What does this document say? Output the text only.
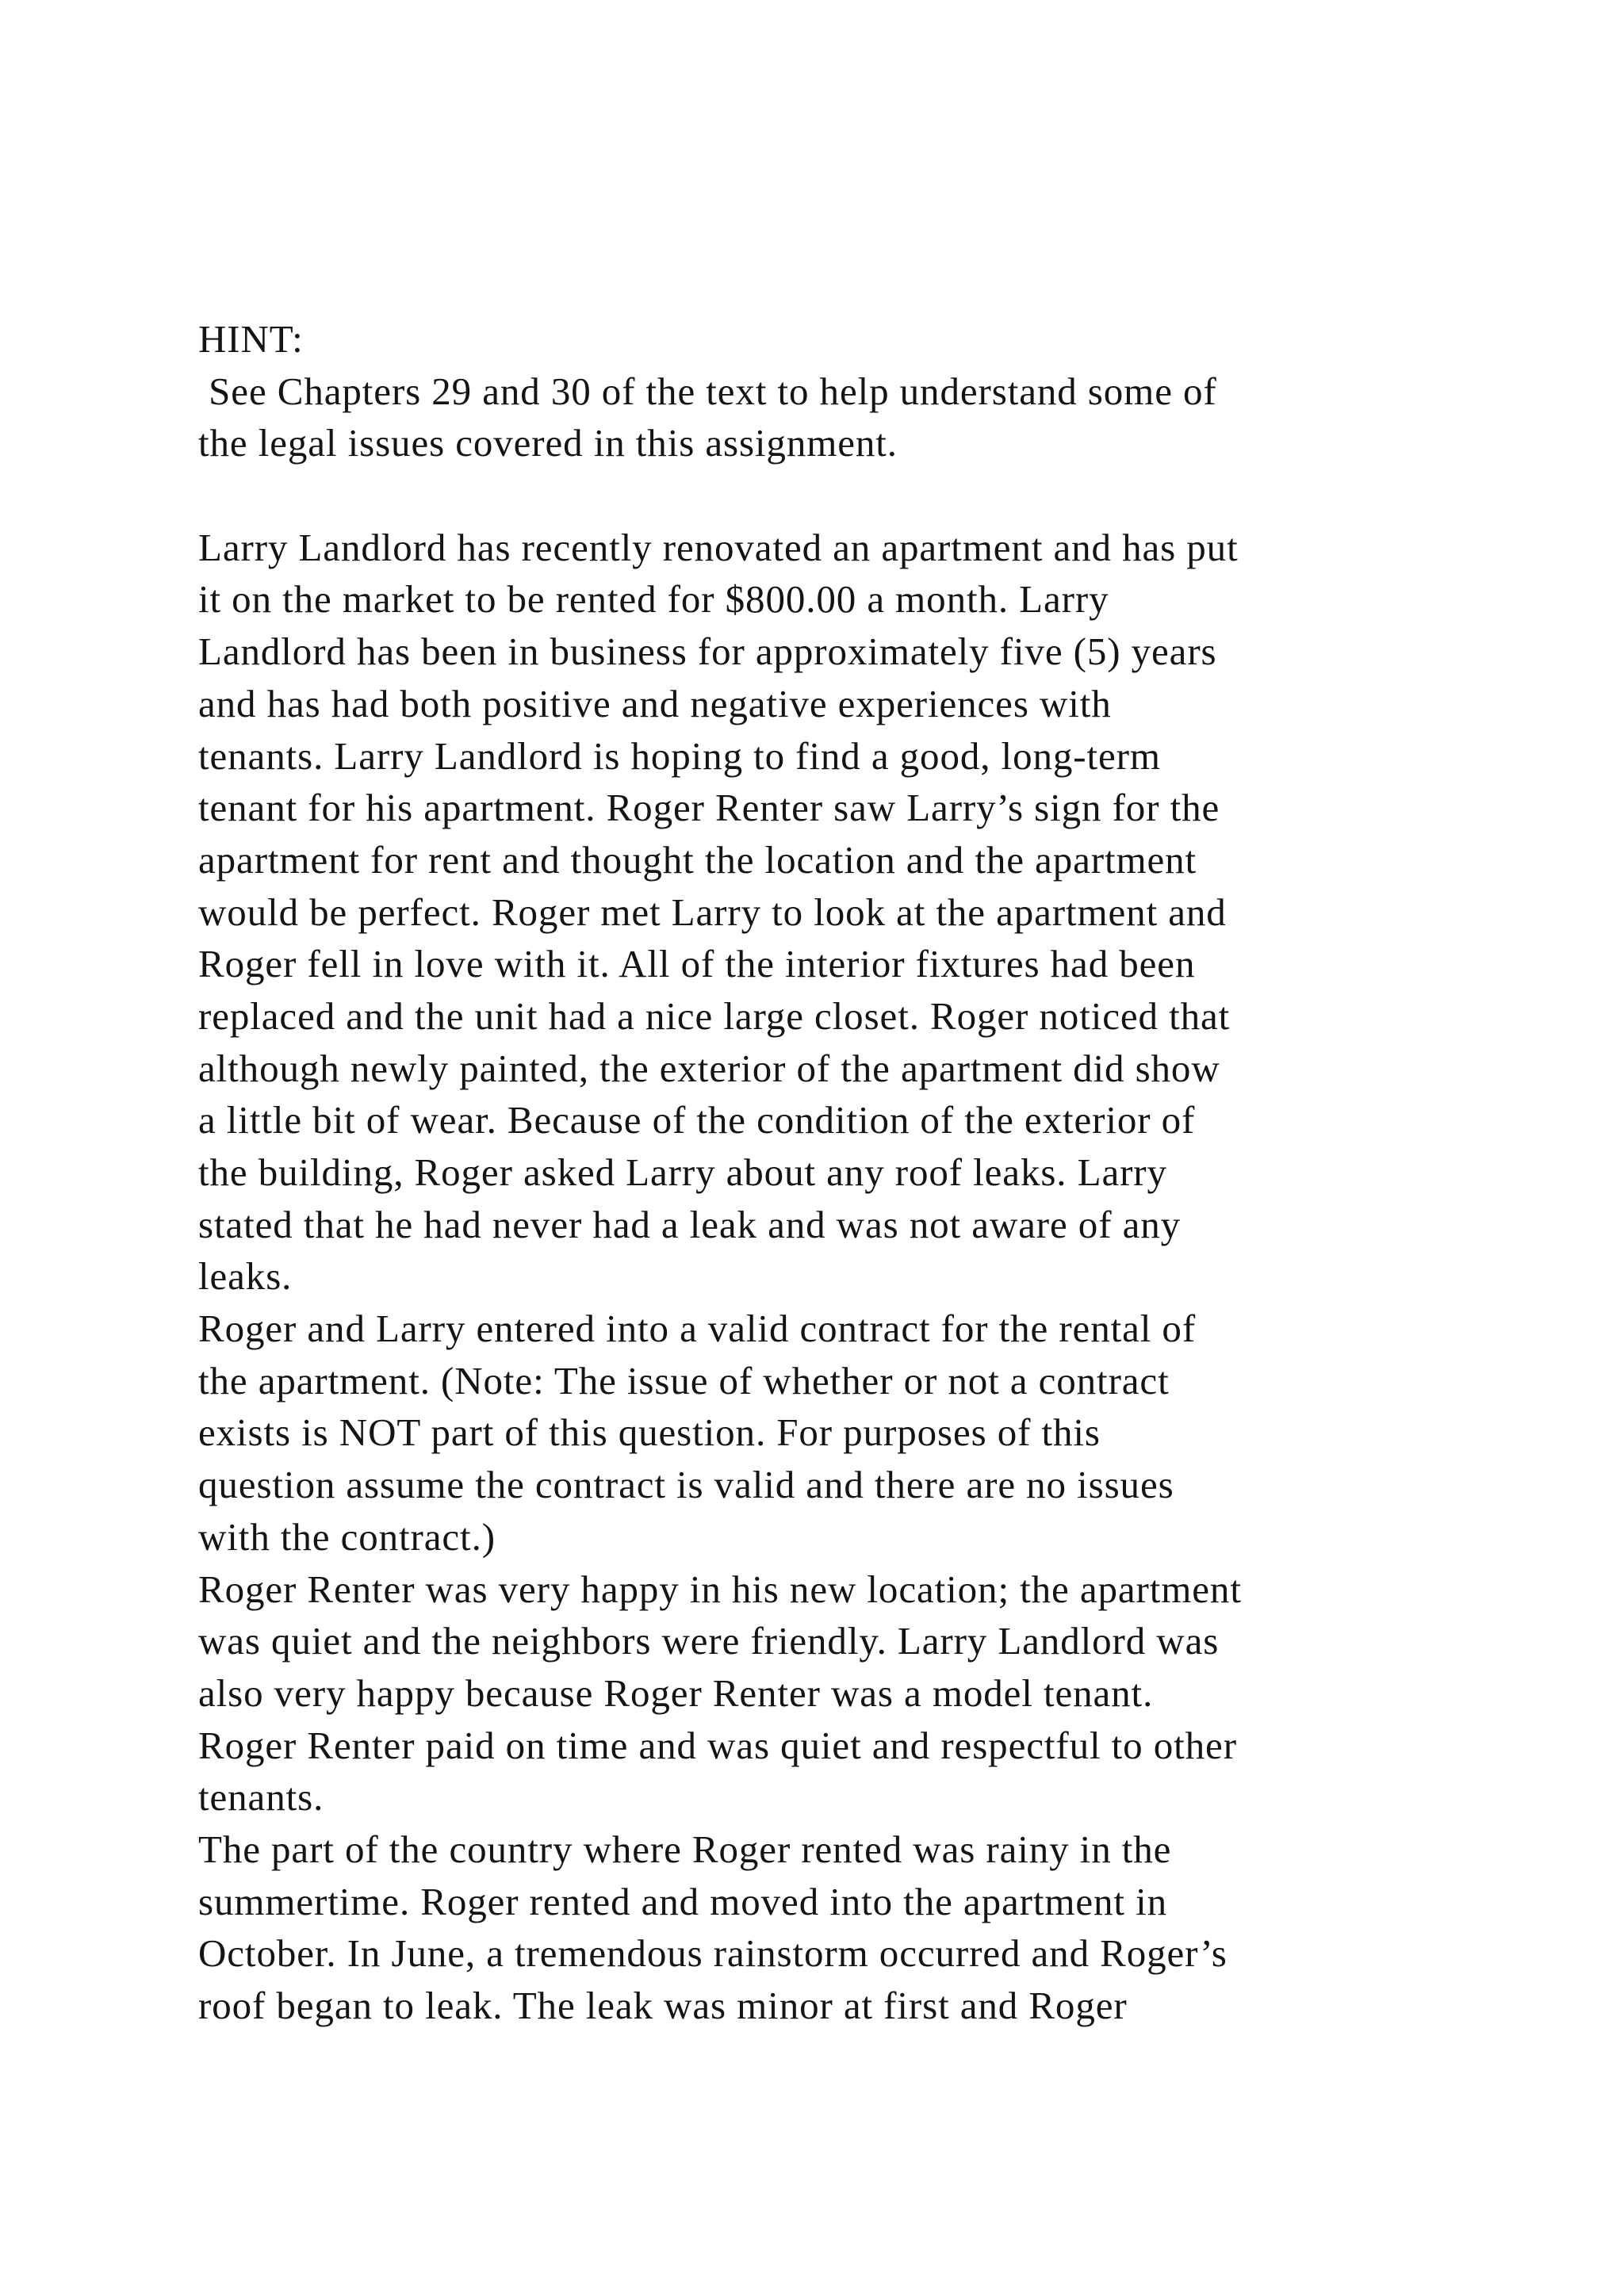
HINT:
See Chapters 29 and 30 of the text to help understand some of
the legal issues covered in this assignment.
Larry Landlord has recently renovated an apartment and has put
it on the market to be rented for $800.00 a month. Larry
Landlord has been in business for approximately five (5) years
and has had both positive and negative experiences with
tenants. Larry Landlord is hoping to find a good, long-term
tenant for his apartment. Roger Renter saw Larry’s sign for the
apartment for rent and thought the location and the apartment
would be perfect. Roger met Larry to look at the apartment and
Roger fell in love with it. All of the interior fixtures had been
replaced and the unit had a nice large closet. Roger noticed that
although newly painted, the exterior of the apartment did show
a little bit of wear. Because of the condition of the exterior of
the building, Roger asked Larry about any roof leaks. Larry
stated that he had never had a leak and was not aware of any
leaks.
Roger and Larry entered into a valid contract for the rental of
the apartment. (Note: The issue of whether or not a contract
exists is NOT part of this question. For purposes of this
question assume the contract is valid and there are no issues
with the contract.)
Roger Renter was very happy in his new location; the apartment
was quiet and the neighbors were friendly. Larry Landlord was
also very happy because Roger Renter was a model tenant.
Roger Renter paid on time and was quiet and respectful to other
tenants.
The part of the country where Roger rented was rainy in the
summertime. Roger rented and moved into the apartment in
October. In June, a tremendous rainstorm occurred and Roger’s
roof began to leak. The leak was minor at first and Roger
